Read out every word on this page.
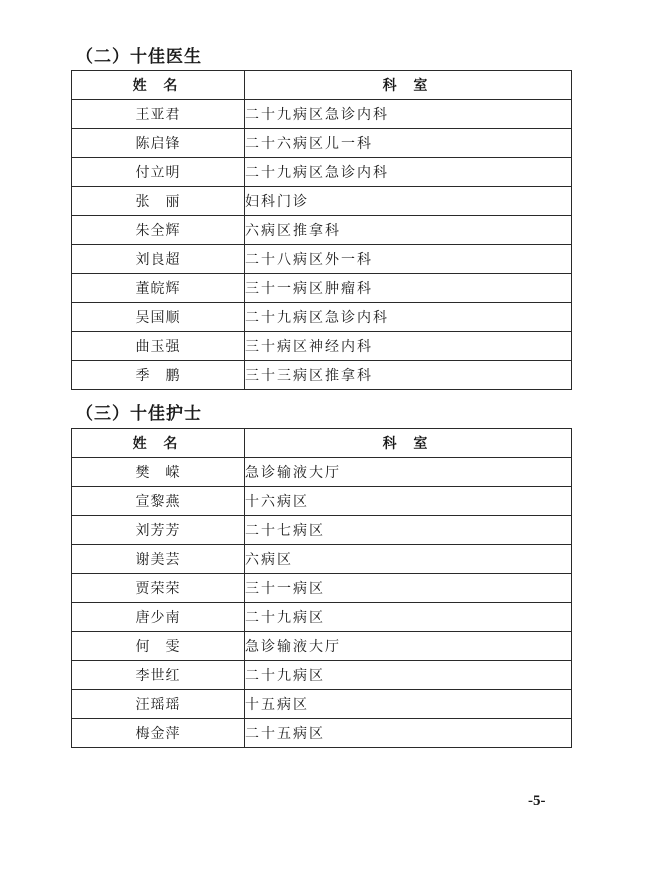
（二）十佳医生
姓 名	科 室
王亚君	二十九病区急诊内科
陈启锋	二十六病区儿一科
付立明	二十九病区急诊内科
张　丽	妇科门诊
朱全辉	六病区推拿科
刘良超	二十八病区外一科
董皖辉	三十一病区肿瘤科
吴国顺	二十九病区急诊内科
曲玉强	三十病区神经内科
季　鹏	三十三病区推拿科
（三）十佳护士
姓 名	科 室
樊　嵘	急诊输液大厅
宣黎燕	十六病区
刘芳芳	二十七病区
谢美芸	六病区
贾荣荣	三十一病区
唐少南	二十九病区
何　雯	急诊输液大厅
李世红	二十九病区
汪瑶瑶	十五病区
梅金萍	二十五病区
-5-
